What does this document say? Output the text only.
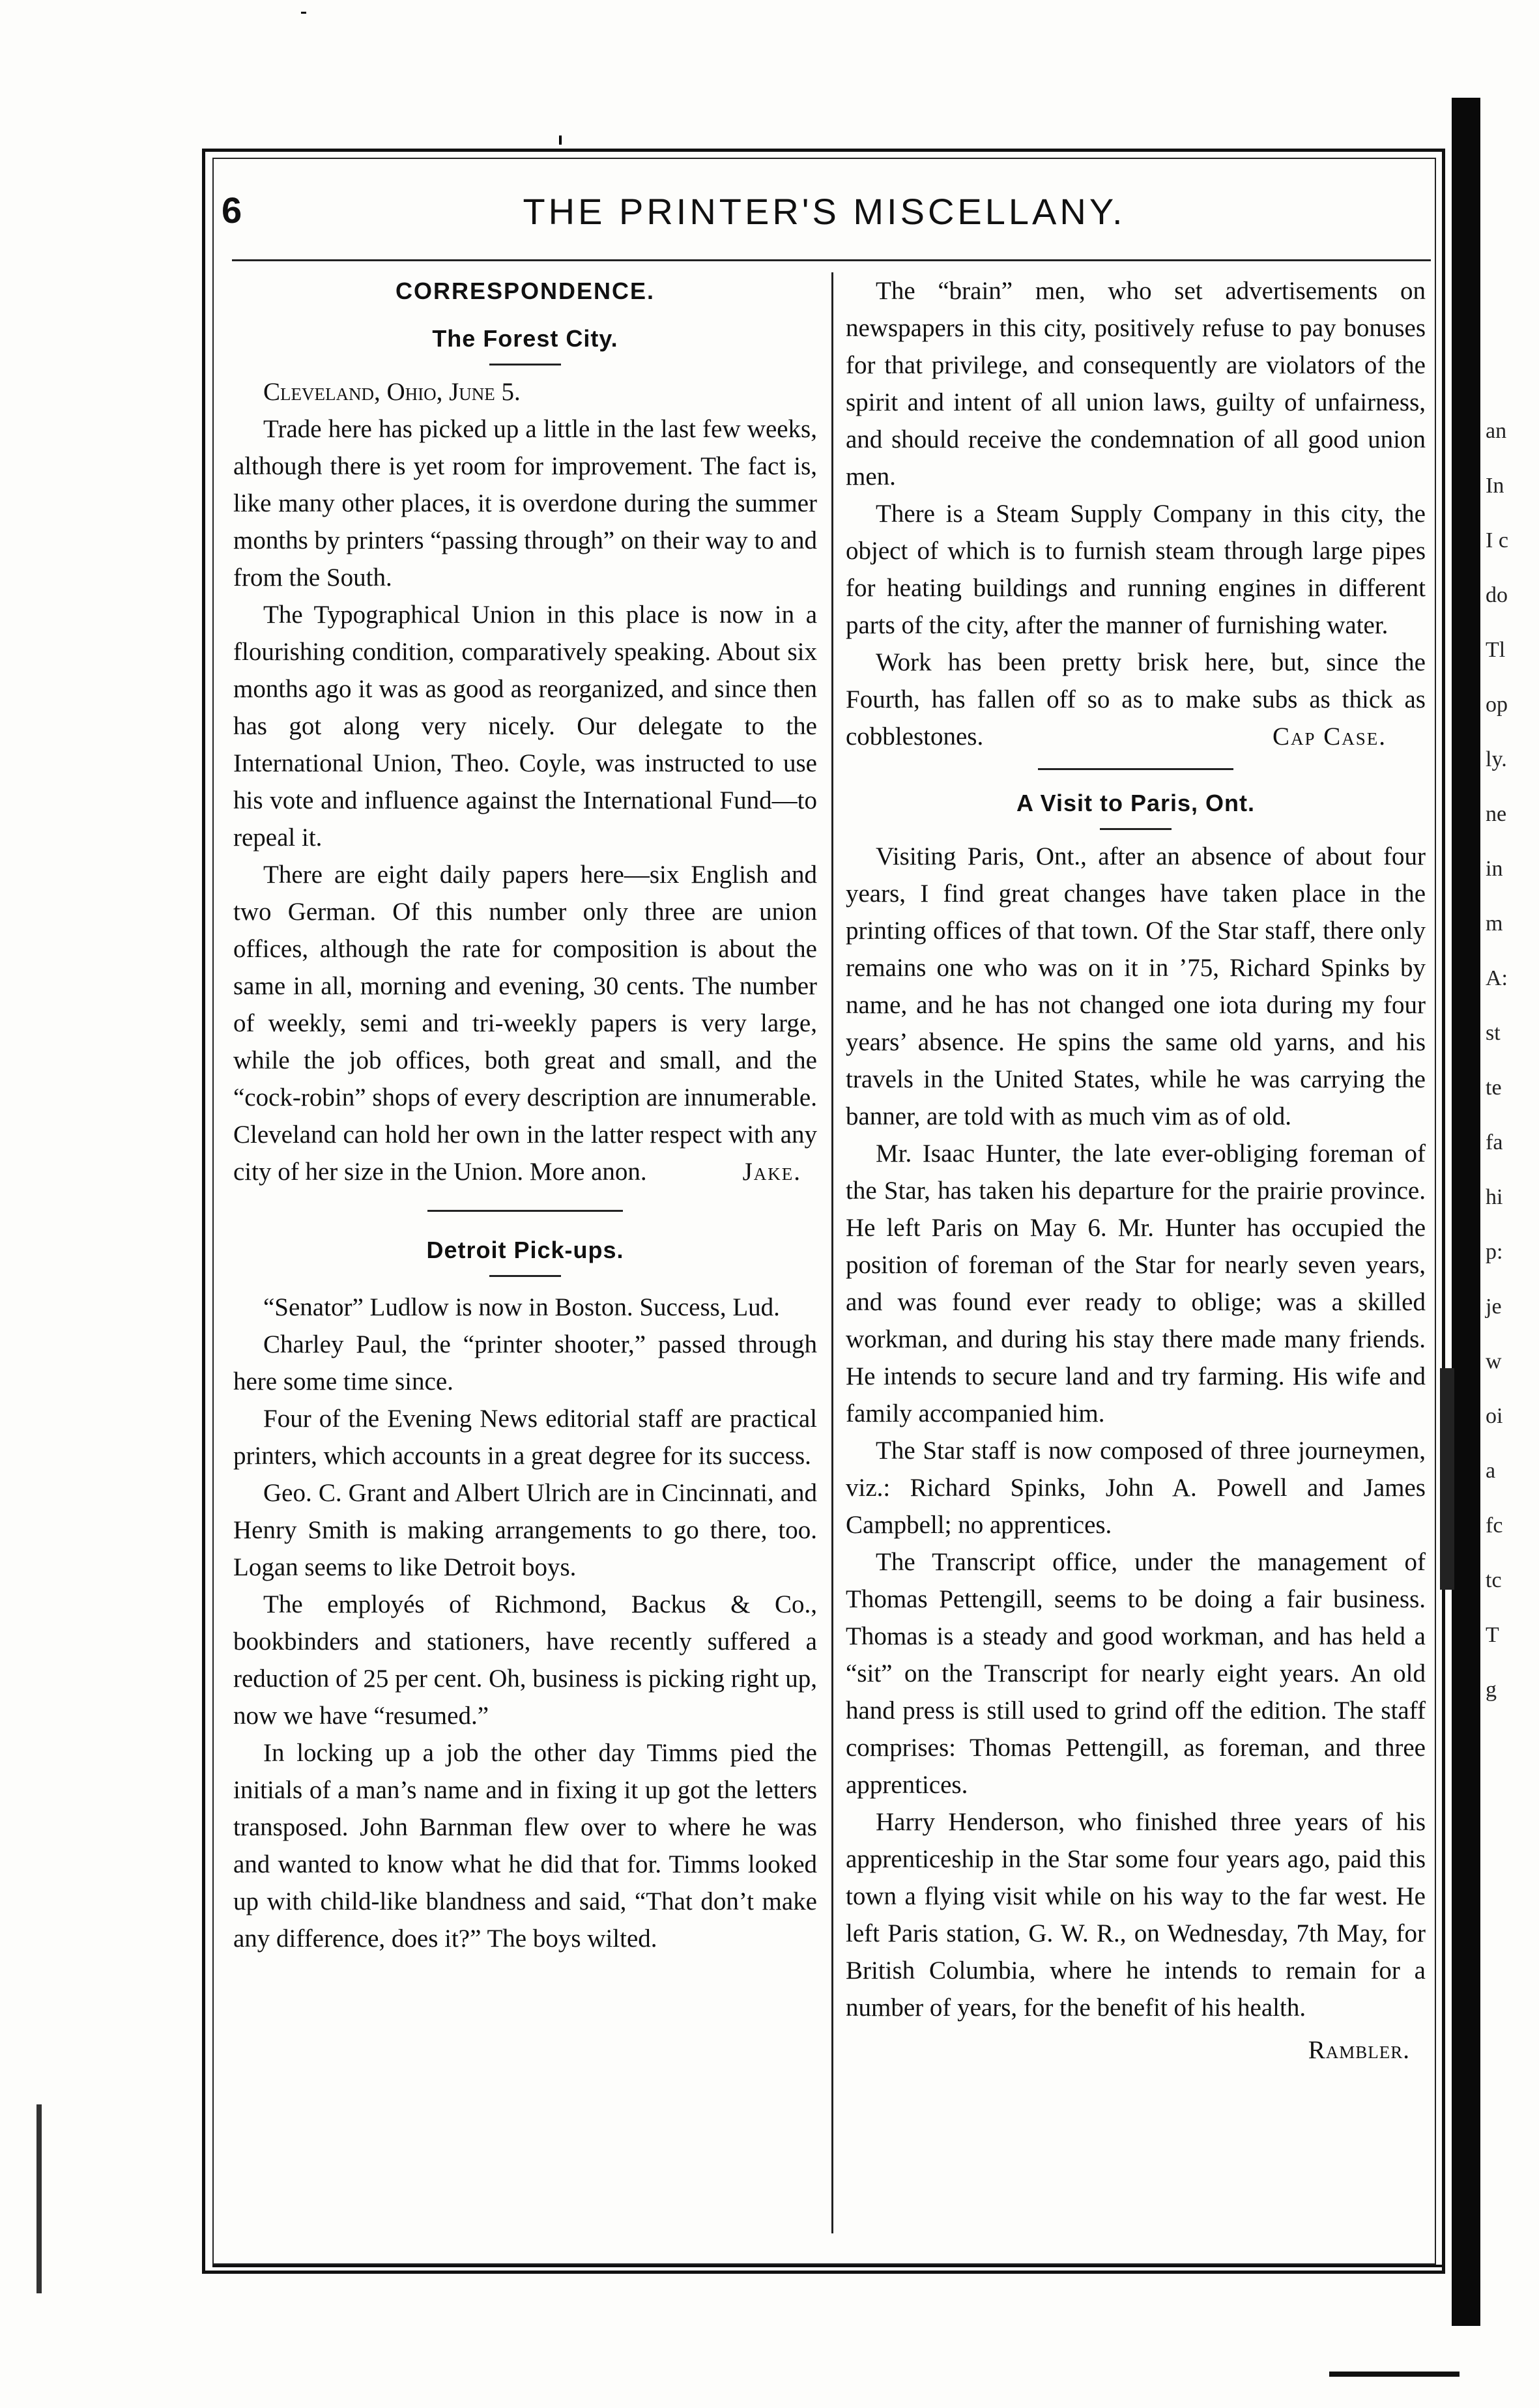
6	THE PRINTER'S MISCELLANY.
CORRESPONDENCE.
The Forest City.

Cleveland, Ohio, June 5.

Trade here has picked up a little in the last few weeks, although there is yet room for improvement. The fact is, like many other places, it is overdone during the summer months by printers “passing through” on their way to and from the South.

The Typographical Union in this place is now in a flourishing condition, comparatively speaking. About six months ago it was as good as reorganized, and since then has got along very nicely. Our delegate to the International Union, Theo. Coyle, was instructed to use his vote and influence against the International Fund—to repeal it.

There are eight daily papers here—six English and two German. Of this number only three are union offices, although the rate for composition is about the same in all, morning and evening, 30 cents. The number of weekly, semi and tri-weekly papers is very large, while the job offices, both great and small, and the “cock-robin” shops of every description are innumerable. Cleveland can hold her own in the latter respect with any city of her size in the Union. More anon.	Jake.

Detroit Pick-ups.

“Senator” Ludlow is now in Boston. Success, Lud.

Charley Paul, the “printer shooter,” passed through here some time since.

Four of the Evening News editorial staff are practical printers, which accounts in a great degree for its success.

Geo. C. Grant and Albert Ulrich are in Cincinnati, and Henry Smith is making arrangements to go there, too. Logan seems to like Detroit boys.

The employés of Richmond, Backus & Co., bookbinders and stationers, have recently suffered a reduction of 25 per cent. Oh, business is picking right up, now we have “resumed.”

In locking up a job the other day Timms pied the initials of a man’s name and in fixing it up got the letters transposed. John Barnman flew over to where he was and wanted to know what he did that for. Timms looked up with child-like blandness and said, “That don’t make any difference, does it?” The boys wilted.

The “brain” men, who set advertisements on newspapers in this city, positively refuse to pay bonuses for that privilege, and consequently are violators of the spirit and intent of all union laws, guilty of unfairness, and should receive the condemnation of all good union men.

There is a Steam Supply Company in this city, the object of which is to furnish steam through large pipes for heating buildings and running engines in different parts of the city, after the manner of furnishing water.

Work has been pretty brisk here, but, since the Fourth, has fallen off so as to make subs as thick as cobblestones.	Cap Case.

A Visit to Paris, Ont.

Visiting Paris, Ont., after an absence of about four years, I find great changes have taken place in the printing offices of that town. Of the Star staff, there only remains one who was on it in ’75, Richard Spinks by name, and he has not changed one iota during my four years’ absence. He spins the same old yarns, and his travels in the United States, while he was carrying the banner, are told with as much vim as of old.

Mr. Isaac Hunter, the late ever-obliging foreman of the Star, has taken his departure for the prairie province. He left Paris on May 6. Mr. Hunter has occupied the position of foreman of the Star for nearly seven years, and was found ever ready to oblige; was a skilled workman, and during his stay there made many friends. He intends to secure land and try farming. His wife and family accompanied him.

The Star staff is now composed of three journeymen, viz.: Richard Spinks, John A. Powell and James Campbell; no apprentices.

The Transcript office, under the management of Thomas Pettengill, seems to be doing a fair business. Thomas is a steady and good workman, and has held a “sit” on the Transcript for nearly eight years. An old hand press is still used to grind off the edition. The staff comprises: Thomas Pettengill, as foreman, and three apprentices.

Harry Henderson, who finished three years of his apprenticeship in the Star some four years ago, paid this town a flying visit while on his way to the far west. He left Paris station, G. W. R., on Wednesday, 7th May, for British Columbia, where he intends to remain for a number of years, for the benefit of his health.

Rambler.
an
In
I c
do
Tl
op
ly.
ne
in
m
A:
st
te
fa
hi
p:
je
w
oi
a
fc
tc
T
g
